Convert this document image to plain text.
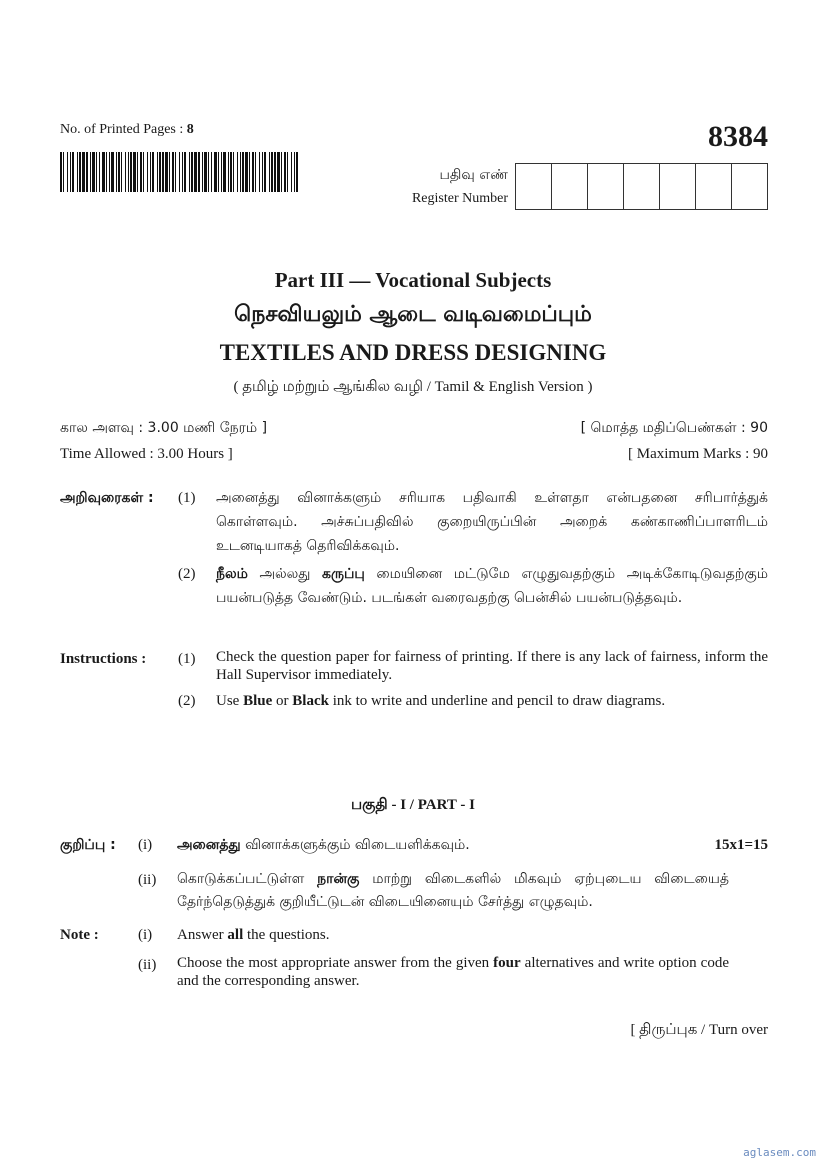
No. of Printed Pages : 8	8384
பதிவு எண்
Register Number
Part III — Vocational Subjects
நெசவியலும் ஆடை வடிவமைப்பும்
TEXTILES AND DRESS DESIGNING
( தமிழ் மற்றும் ஆங்கில வழி / Tamil & English Version )
கால அளவு : 3.00 மணி நேரம் ]	[ மொத்த மதிப்பெண்கள் : 90
Time Allowed : 3.00 Hours ]	[ Maximum Marks : 90
அறிவுரைகள் : (1) அனைத்து வினாக்களும் சரியாக பதிவாகி உள்ளதா என்பதனை சரிபார்த்துக் கொள்ளவும். அச்சுப்பதிவில் குறையிருப்பின் அறைக் கண்காணிப்பாளரிடம் உடனடியாகத் தெரிவிக்கவும்.
(2) நீலம் அல்லது கருப்பு மையினை மட்டுமே எழுதுவதற்கும் அடிக்கோடிடுவதற்கும் பயன்படுத்த வேண்டும். படங்கள் வரைவதற்கு பென்சில் பயன்படுத்தவும்.
Instructions : (1) Check the question paper for fairness of printing. If there is any lack of fairness, inform the Hall Supervisor immediately.
(2) Use Blue or Black ink to write and underline and pencil to draw diagrams.
பகுதி - I / PART - I
குறிப்பு : (i) அனைத்து வினாக்களுக்கும் விடையளிக்கவும்.	15x1=15
(ii) கொடுக்கப்பட்டுள்ள நான்கு மாற்று விடைகளில் மிகவும் ஏற்புடைய விடையைத் தேர்ந்தெடுத்துக் குறியீட்டுடன் விடையினையும் சேர்த்து எழுதவும்.
Note :	(i) Answer all the questions.
(ii) Choose the most appropriate answer from the given four alternatives and write option code and the corresponding answer.
[ திருப்புக / Turn over
aglasem.com
